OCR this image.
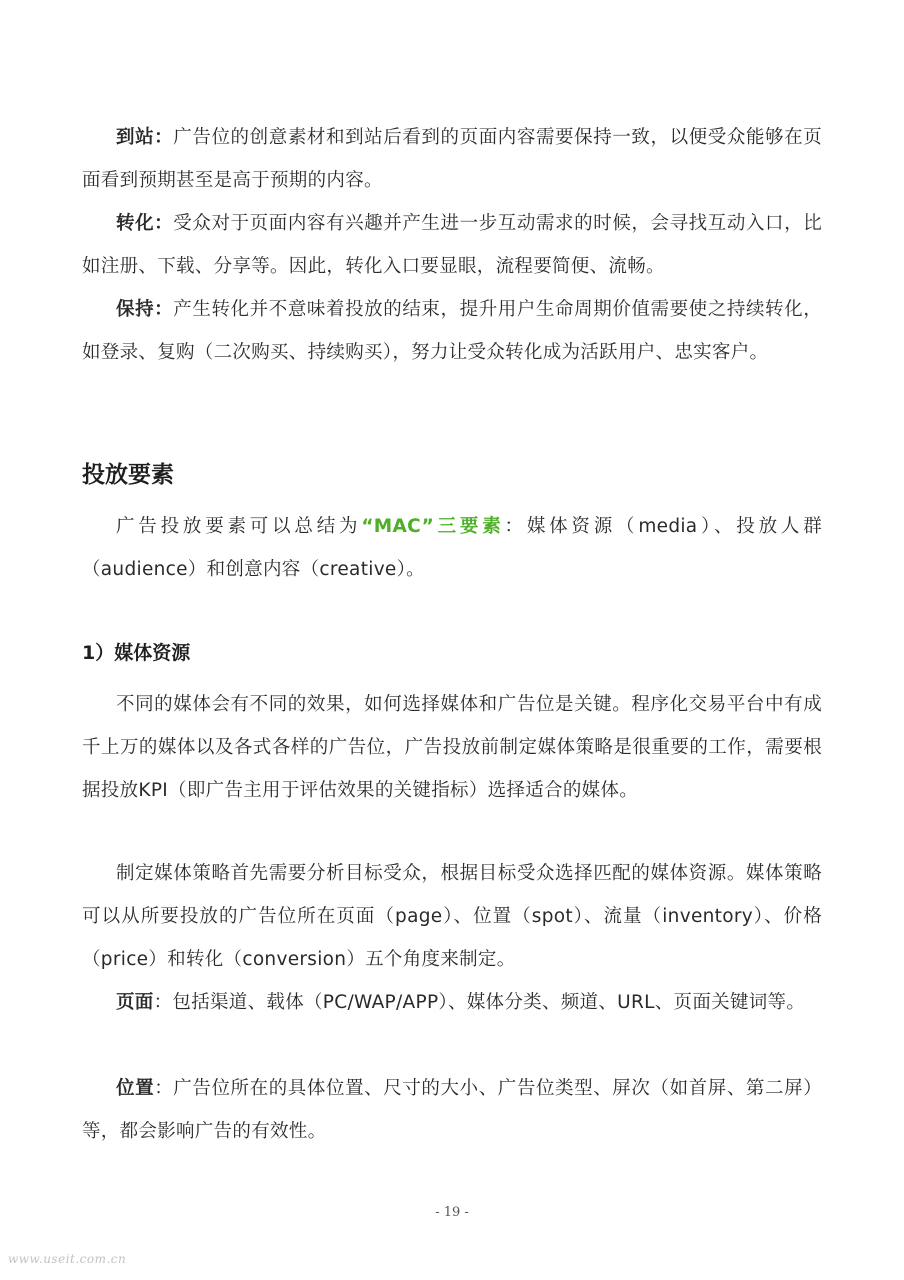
到站：广告位的创意素材和到站后看到的页面内容需要保持一致，以便受众能够在页面看到预期甚至是高于预期的内容。

转化：受众对于页面内容有兴趣并产生进一步互动需求的时候，会寻找互动入口，比如注册、下载、分享等。因此，转化入口要显眼，流程要简便、流畅。

保持：产生转化并不意味着投放的结束，提升用户生命周期价值需要使之持续转化，如登录、复购（二次购买、持续购买），努力让受众转化成为活跃用户、忠实客户。

投放要素

广告投放要素可以总结为“MAC”三要素：媒体资源（media）、投放人群（audience）和创意内容（creative）。

1）媒体资源

不同的媒体会有不同的效果，如何选择媒体和广告位是关键。程序化交易平台中有成千上万的媒体以及各式各样的广告位，广告投放前制定媒体策略是很重要的工作，需要根据投放KPI（即广告主用于评估效果的关键指标）选择适合的媒体。

制定媒体策略首先需要分析目标受众，根据目标受众选择匹配的媒体资源。媒体策略可以从所要投放的广告位所在页面（page）、位置（spot）、流量（inventory）、价格（price）和转化（conversion）五个角度来制定。

页面：包括渠道、载体（PC/WAP/APP）、媒体分类、频道、URL、页面关键词等。

位置：广告位所在的具体位置、尺寸的大小、广告位类型、屏次（如首屏、第二屏）等，都会影响广告的有效性。

- 19 -
www.useit.com.cn
